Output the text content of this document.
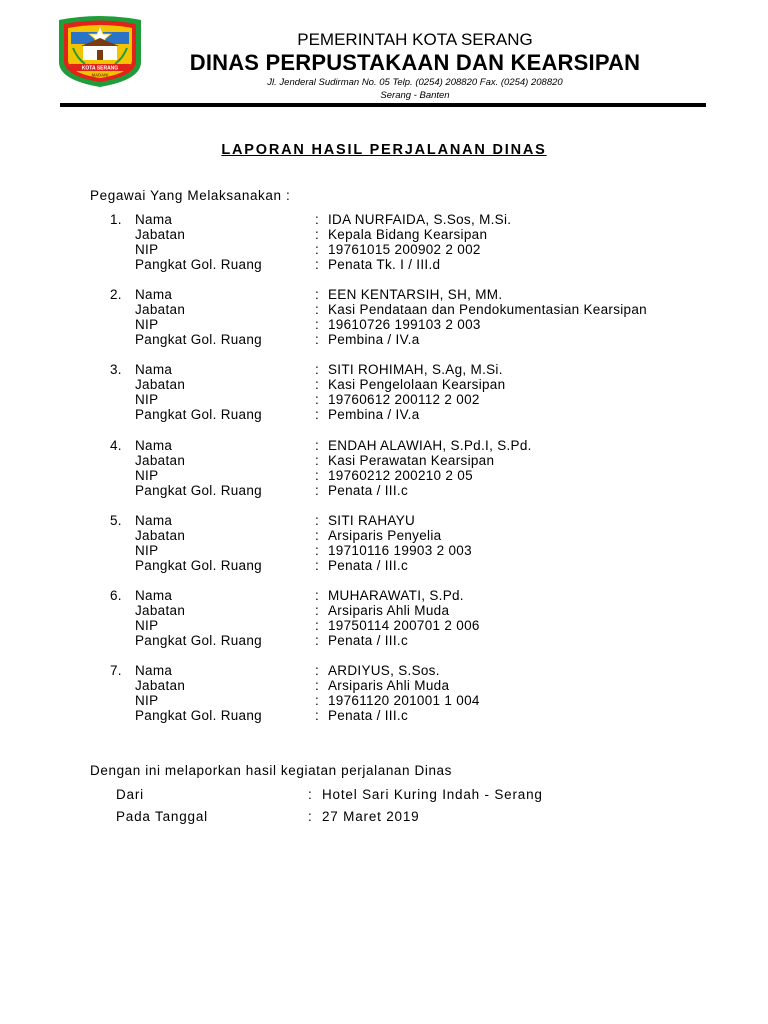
KOTA SERANG
MADANI
PEMERINTAH KOTA SERANG
DINAS PERPUSTAKAAN DAN KEARSIPAN
Jl. Jenderal Sudirman No. 05 Telp. (0254) 208820 Fax. (0254) 208820
Serang - Banten
LAPORAN HASIL PERJALANAN DINAS
Pegawai Yang Melaksanakan :
1. Nama	: IDA NURFAIDA, S.Sos, M.Si.
Jabatan	: Kepala Bidang Kearsipan
NIP	: 19761015 200902 2 002
Pangkat Gol. Ruang	: Penata Tk. I / III.d
2. Nama	: EEN KENTARSIH, SH, MM.
Jabatan	: Kasi Pendataan dan Pendokumentasian Kearsipan
NIP	: 19610726 199103 2 003
Pangkat Gol. Ruang	: Pembina / IV.a
3. Nama	: SITI ROHIMAH, S.Ag, M.Si.
Jabatan	: Kasi Pengelolaan Kearsipan
NIP	: 19760612 200112 2 002
Pangkat Gol. Ruang	: Pembina / IV.a
4. Nama	: ENDAH ALAWIAH, S.Pd.I, S.Pd.
Jabatan	: Kasi Perawatan Kearsipan
NIP	: 19760212 200210 2 05
Pangkat Gol. Ruang	: Penata / III.c
5. Nama	: SITI RAHAYU
Jabatan	: Arsiparis Penyelia
NIP	: 19710116 19903 2 003
Pangkat Gol. Ruang	: Penata / III.c
6. Nama	: MUHARAWATI, S.Pd.
Jabatan	: Arsiparis Ahli Muda
NIP	: 19750114 200701 2 006
Pangkat Gol. Ruang	: Penata / III.c
7. Nama	: ARDIYUS, S.Sos.
Jabatan	: Arsiparis Ahli Muda
NIP	: 19761120 201001 1 004
Pangkat Gol. Ruang	: Penata / III.c
Dengan ini melaporkan hasil kegiatan perjalanan Dinas
Dari	: Hotel Sari Kuring Indah - Serang
Pada Tanggal	: 27 Maret 2019
